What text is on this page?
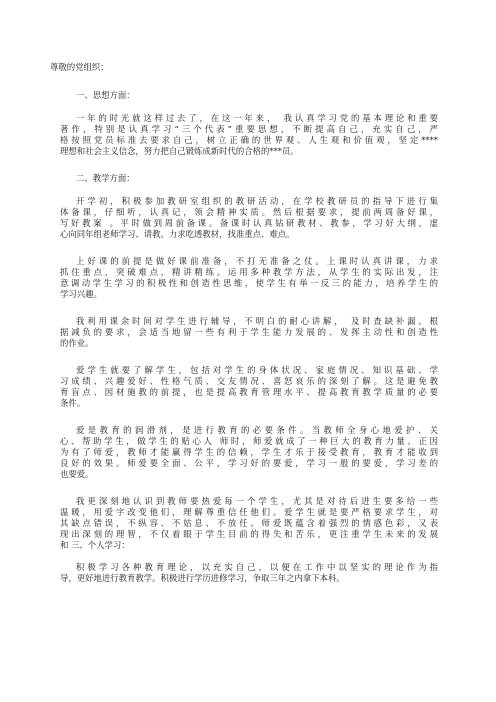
尊敬的党组织：
一、思想方面：
一年的时光就这样过去了，在这一年来， 我认真学习党的基本理论和重要
著作，特别是认真学习“三个代表”重要思想，不断提高自己，充实自己，严
格按照党员标准去要求自己，树立正确的世界观、人生观和价值观，坚定****
理想和社会主义信念，努力把自己锻炼成新时代的合格的***员。
二、教学方面：
开学初，积极参加教研室组织的教研活动，在学校教研员的指导下进行集
体备课，仔细听，认真记，领会精神实质。然后根据要求，提前两周备好课，
写好教案 。平时做到周前备课。备课时认真钻研教材、教参，学习好大纲，虚
心向同年组老师学习、请教。力求吃透教材，找准重点、难点。
上好课的前提是做好课前准备，不打无准备之仗。上课时认真讲课，力求
抓住重点，突破难点，精讲精练。运用多种教学方法，从学生的实际出发，注
意调动学生学习的积极性和创造性思维，使学生有举一反三的能力，培养学生的
学习兴趣。
我利用课余时间对学生进行辅导，不明白的耐心讲解， 及时查缺补漏。根
据减负的要求，会适当地留一些有利于学生能力发展的、发挥主动性和创造性
的作业。
爱学生就要了解学生，包括对学生的身体状况、家庭情况、知识基础、学
习成绩、兴趣爱好、性格气质、交友情况、喜怒哀乐的深刻了解。这是避免教
育盲点、因材施教的前提，也是提高教育管理水平、提高教育教学质量的必要
条件。
爱是教育的润滑剂，是进行教育的必要条件。当教师全身心地爱护、关
心、帮助学生，做学生的贴心人 师时，师爱就成了一种巨大的教育力量。正因
为有了师爱，教师才能赢得学生的信赖，学生才乐于接受教育，教育才能收到
良好的效果。师爱要全面、公平，学习好的要爱，学习一般的要爱，学习差的
也要爱。
我更深刻地认识到教师要热爱每一个学生，尤其是对待后进生要多给一些
温暖，用爱字改变他们，理解尊重信任他们。爱学生就是要严格要求学生，对
其缺点错误，不纵容、不姑息、不放任。师爱既蕴含着强烈的情感色彩，又表
现出深刻的理智，不仅着眼于学生目前的得失和苦乐，更注重学生未来的发展
和 三、个人学习：
积极学习各种教育理论，以充实自己，以便在工作中以坚实的理论作为指
导，更好地进行教育教学。积极进行学历进修学习，争取三年之内拿下本科。
